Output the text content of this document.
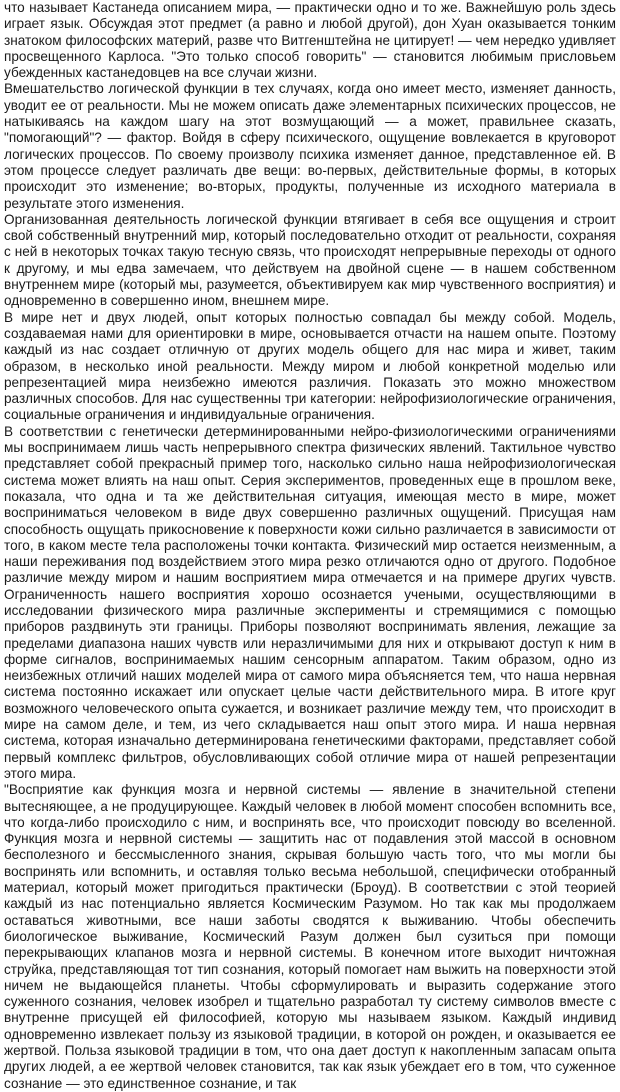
что называет Кастанеда описанием мира, — практически одно и то же. Важнейшую роль здесь играет язык. Обсуждая этот предмет (а равно и любой другой), дон Хуан оказывается тонким знатоком философских материй, разве что Витгенштейна не цитирует! — чем нередко удивляет просвещенного Карлоса. "Это только способ говорить" — становится любимым присловьем убежденных кастанедовцев на все случаи жизни.

Вмешательство логической функции в тех случаях, когда оно имеет место, изменяет данность, уводит ее от реальности. Мы не можем описать даже элементарных психических процессов, не натыкиваясь на каждом шагу на этот возмущающий — а может, правильнее сказать, "помогающий"? — фактор. Войдя в сферу психического, ощущение вовлекается в круговорот логических процессов. По своему произволу психика изменяет данное, представленное ей. В этом процессе следует различать две вещи: во-первых, действительные формы, в которых происходит это изменение; во-вторых, продукты, полученные из исходного материала в результате этого изменения.

Организованная деятельность логической функции втягивает в себя все ощущения и строит свой собственный внутренний мир, который последовательно отходит от реальности, сохраняя с ней в некоторых точках такую тесную связь, что происходят непрерывные переходы от одного к другому, и мы едва замечаем, что действуем на двойной сцене — в нашем собственном внутреннем мире (который мы, разумеется, объективируем как мир чувственного восприятия) и одновременно в совершенно ином, внешнем мире.

В мире нет и двух людей, опыт которых полностью совпадал бы между собой. Модель, создаваемая нами для ориентировки в мире, основывается отчасти на нашем опыте. Поэтому каждый из нас создает отличную от других модель общего для нас мира и живет, таким образом, в несколько иной реальности. Между миром и любой конкретной моделью или репрезентацией мира неизбежно имеются различия. Показать это можно множеством различных способов. Для нас существенны три категории: нейрофизиологические ограничения, социальные ограничения и индивидуальные ограничения.

В соответствии с генетически детерминированными нейро-физиологическими ограничениями мы воспринимаем лишь часть непрерывного спектра физических явлений. Тактильное чувство представляет собой прекрасный пример того, насколько сильно наша нейрофизиологическая система может влиять на наш опыт. Серия экспериментов, проведенных еще в прошлом веке, показала, что одна и та же действительная ситуация, имеющая место в мире, может восприниматься человеком в виде двух совершенно различных ощущений. Присущая нам способность ощущать прикосновение к поверхности кожи сильно различается в зависимости от того, в каком месте тела расположены точки контакта. Физический мир остается неизменным, а наши переживания под воздействием этого мира резко отличаются одно от другого. Подобное различие между миром и нашим восприятием мира отмечается и на примере других чувств. Ограниченность нашего восприятия хорошо осознается учеными, осуществляющими в исследовании физического мира различные эксперименты и стремящимися с помощью приборов раздвинуть эти границы. Приборы позволяют воспринимать явления, лежащие за пределами диапазона наших чувств или неразличимыми для них и открывают доступ к ним в форме сигналов, воспринимаемых нашим сенсорным аппаратом. Таким образом, одно из неизбежных отличий наших моделей мира от самого мира объясняется тем, что наша нервная система постоянно искажает или опускает целые части действительного мира. В итоге круг возможного человеческого опыта сужается, и возникает различие между тем, что происходит в мире на самом деле, и тем, из чего складывается наш опыт этого мира. И наша нервная система, которая изначально детерминирована генетическими факторами, представляет собой первый комплекс фильтров, обусловливающих собой отличие мира от нашей репрезентации этого мира.

"Восприятие как функция мозга и нервной системы — явление в значительной степени вытесняющее, а не продуцирующее. Каждый человек в любой момент способен вспомнить все, что когда-либо происходило с ним, и воспринять все, что происходит повсюду во вселенной. Функция мозга и нервной системы — защитить нас от подавления этой массой в основном бесполезного и бессмысленного знания, скрывая большую часть того, что мы могли бы воспринять или вспомнить, и оставляя только весьма небольшой, специфически отобранный материал, который может пригодиться практически (Броуд). В соответствии с этой теорией каждый из нас потенциально является Космическим Разумом. Но так как мы продолжаем оставаться животными, все наши заботы сводятся к выживанию. Чтобы обеспечить биологическое выживание, Космический Разум должен был сузиться при помощи перекрывающих клапанов мозга и нервной системы. В конечном итоге выходит ничтожная струйка, представляющая тот тип сознания, который помогает нам выжить на поверхности этой ничем не выдающейся планеты. Чтобы сформулировать и выразить содержание этого суженного сознания, человек изобрел и тщательно разработал ту систему символов вместе с внутренне присущей ей философией, которую мы называем языком. Каждый индивид одновременно извлекает пользу из языковой традиции, в которой он рожден, и оказывается ее жертвой. Польза языковой традиции в том, что она дает доступ к накопленным запасам опыта других людей, а ее жертвой человек становится, так как язык убеждает его в том, что суженное сознание — это единственное сознание, и так
